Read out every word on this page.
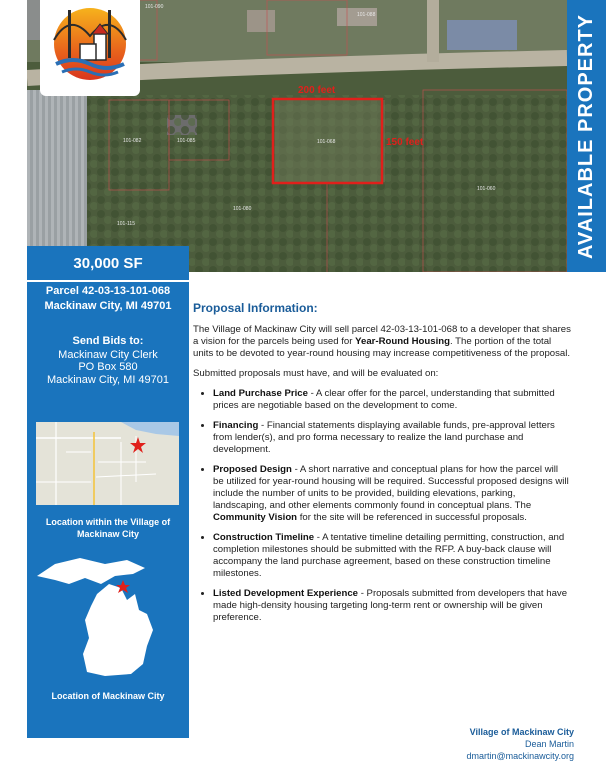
200 feet
150 feet
101-090
101-088
101-082	101-085	101-068
101-060
101-080
101-115	AVAILABLE PROPERTY
30,000 SF
Parcel 42-03-13-101-068
Mackinaw City, MI 49701
Send Bids to:
Mackinaw City Clerk
PO Box 580
Mackinaw City, MI 49701
Location within the Village of Mackinaw City
Location of Mackinaw City
Proposal Information:

The Village of Mackinaw City will sell parcel 42-03-13-101-068 to a developer that shares a vision for the parcels being used for Year-Round Housing. The portion of the total units to be devoted to year-round housing may increase competitiveness of the proposal.

Submitted proposals must have, and will be evaluated on:

• Land Purchase Price - A clear offer for the parcel, understanding that submitted prices are negotiable based on the development to come.
• Financing - Financial statements displaying available funds, pre-approval letters from lender(s), and pro forma necessary to realize the land purchase and development.
• Proposed Design - A short narrative and conceptual plans for how the parcel will be utilized for year-round housing will be required. Successful proposed designs will include the number of units to be provided, building elevations, parking, landscaping, and other elements commonly found in conceptual plans. The Community Vision for the site will be referenced in successful proposals.
• Construction Timeline - A tentative timeline detailing permitting, construction, and completion milestones should be submitted with the RFP. A buy-back clause will accompany the land purchase agreement, based on these construction timeline milestones.
• Listed Development Experience - Proposals submitted from developers that have made high-density housing targeting long-term rent or ownership will be given preference.
Village of Mackinaw City
Dean Martin
dmartin@mackinawcity.org
